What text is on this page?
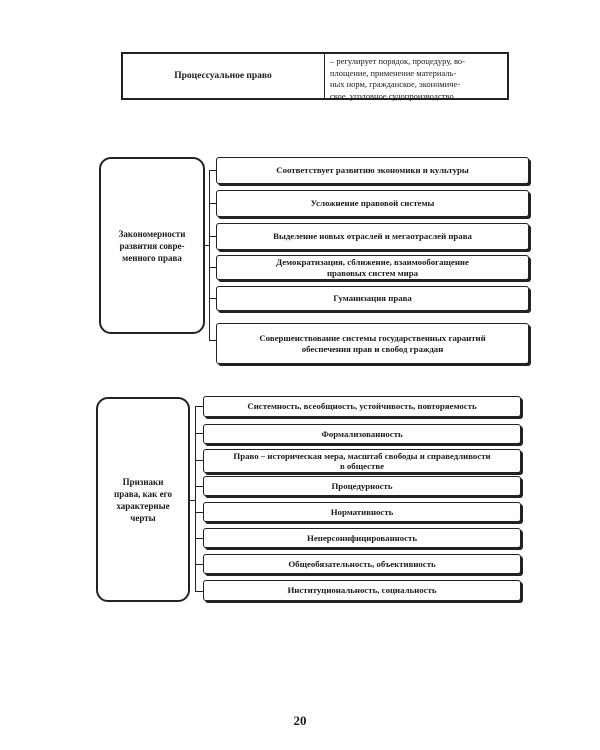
Процессуальное право
– регулирует порядок, процедуру, во-
площение, применение материаль-
ных норм, гражданское, экономиче-
ское, уголовное судопроизводство
Закономерности
развития совре-
менного права
Соответствует развитию экономики и культуры
Усложнение правовой системы
Выделение новых отраслей и мегаотраслей права
Демократизация, сближение, взаимообогащение
правовых систем мира
Гуманизация права
Совершенствование системы государственных гарантий
обеспечения прав и свобод граждан
Признаки
права, как его
характерные
черты
Системность, всеобщность, устойчивость, повторяемость
Формализованность
Право – историческая мера, масштаб свободы и справедливости
в обществе
Процедурность
Нормативность
Неперсонифицированность
Общеобязательность, объективность
Институциональность, социальность
20
